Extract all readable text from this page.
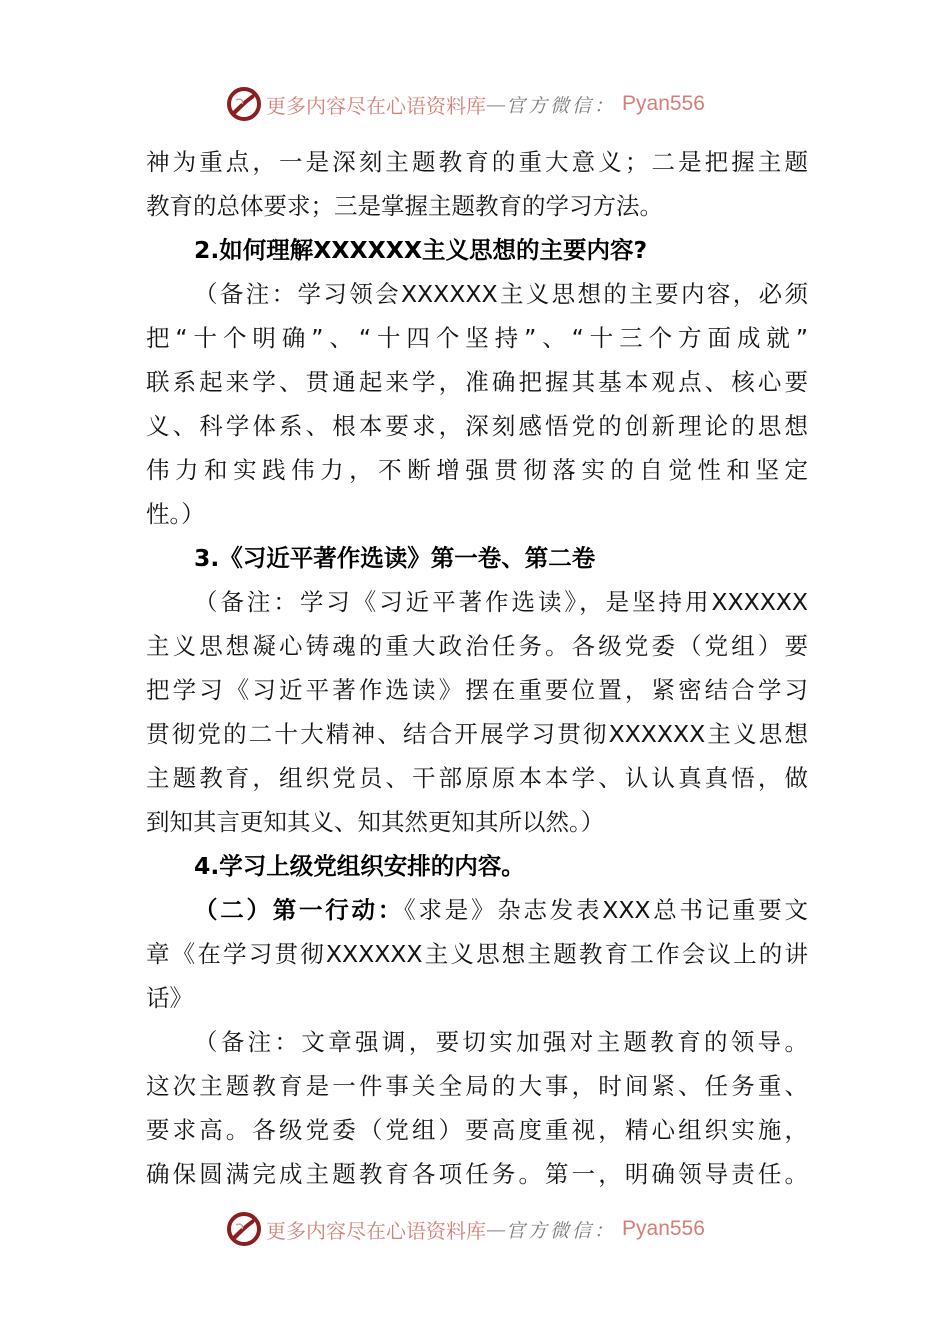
更多内容尽在心语资料库 — 官方微信： Pyan556
神为重点，一是深刻主题教育的重大意义；二是把握主题
教育的总体要求；三是掌握主题教育的学习方法。
2.如何理解XXXXXX主义思想的主要内容?
（备注：学习领会XXXXXX主义思想的主要内容，必须
把“十个明确”、“十四个坚持”、“十三个方面成就”
联系起来学、贯通起来学，准确把握其基本观点、核心要
义、科学体系、根本要求，深刻感悟党的创新理论的思想
伟力和实践伟力，不断增强贯彻落实的自觉性和坚定
性。）
3.《习近平著作选读》第一卷、第二卷
（备注：学习《习近平著作选读》，是坚持用XXXXXX
主义思想凝心铸魂的重大政治任务。各级党委（党组）要
把学习《习近平著作选读》摆在重要位置，紧密结合学习
贯彻党的二十大精神、结合开展学习贯彻XXXXXX主义思想
主题教育，组织党员、干部原原本本学、认认真真悟，做
到知其言更知其义、知其然更知其所以然。）
4.学习上级党组织安排的内容。
（二）第一行动：《求是》杂志发表XXX总书记重要文
章《在学习贯彻XXXXXX主义思想主题教育工作会议上的讲
话》
（备注：文章强调，要切实加强对主题教育的领导。
这次主题教育是一件事关全局的大事，时间紧、任务重、
要求高。各级党委（党组）要高度重视，精心组织实施，
确保圆满完成主题教育各项任务。第一，明确领导责任。
更多内容尽在心语资料库 — 官方微信： Pyan556
